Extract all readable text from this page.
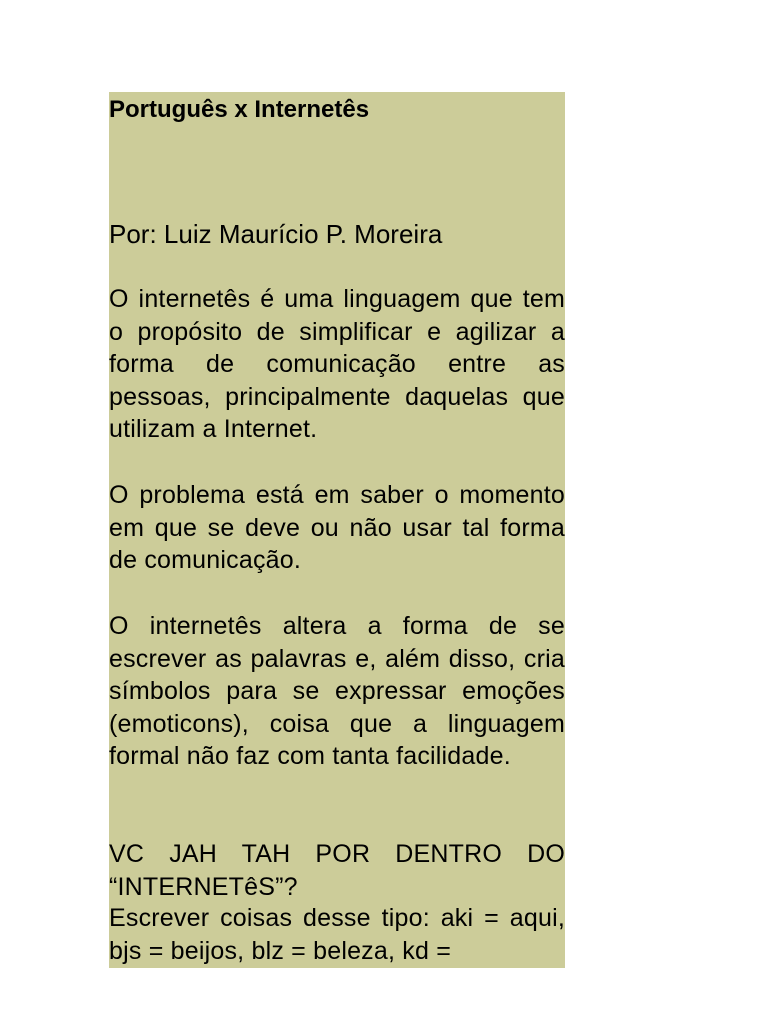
Português x Internetês

Por: Luiz Maurício P. Moreira

O internetês é uma linguagem que tem o propósito de simplificar e agilizar a forma de comunicação entre as pessoas, principalmente daquelas que utilizam a Internet.

O problema está em saber o momento em que se deve ou não usar tal forma de comunicação.

O internetês altera a forma de se escrever as palavras e, além disso, cria símbolos para se expressar emoções (emoticons), coisa que a linguagem formal não faz com tanta facilidade.

VC JAH TAH POR DENTRO DO “INTERNETêS”?

Escrever coisas desse tipo: aki = aqui, bjs = beijos, blz = beleza, kd =
